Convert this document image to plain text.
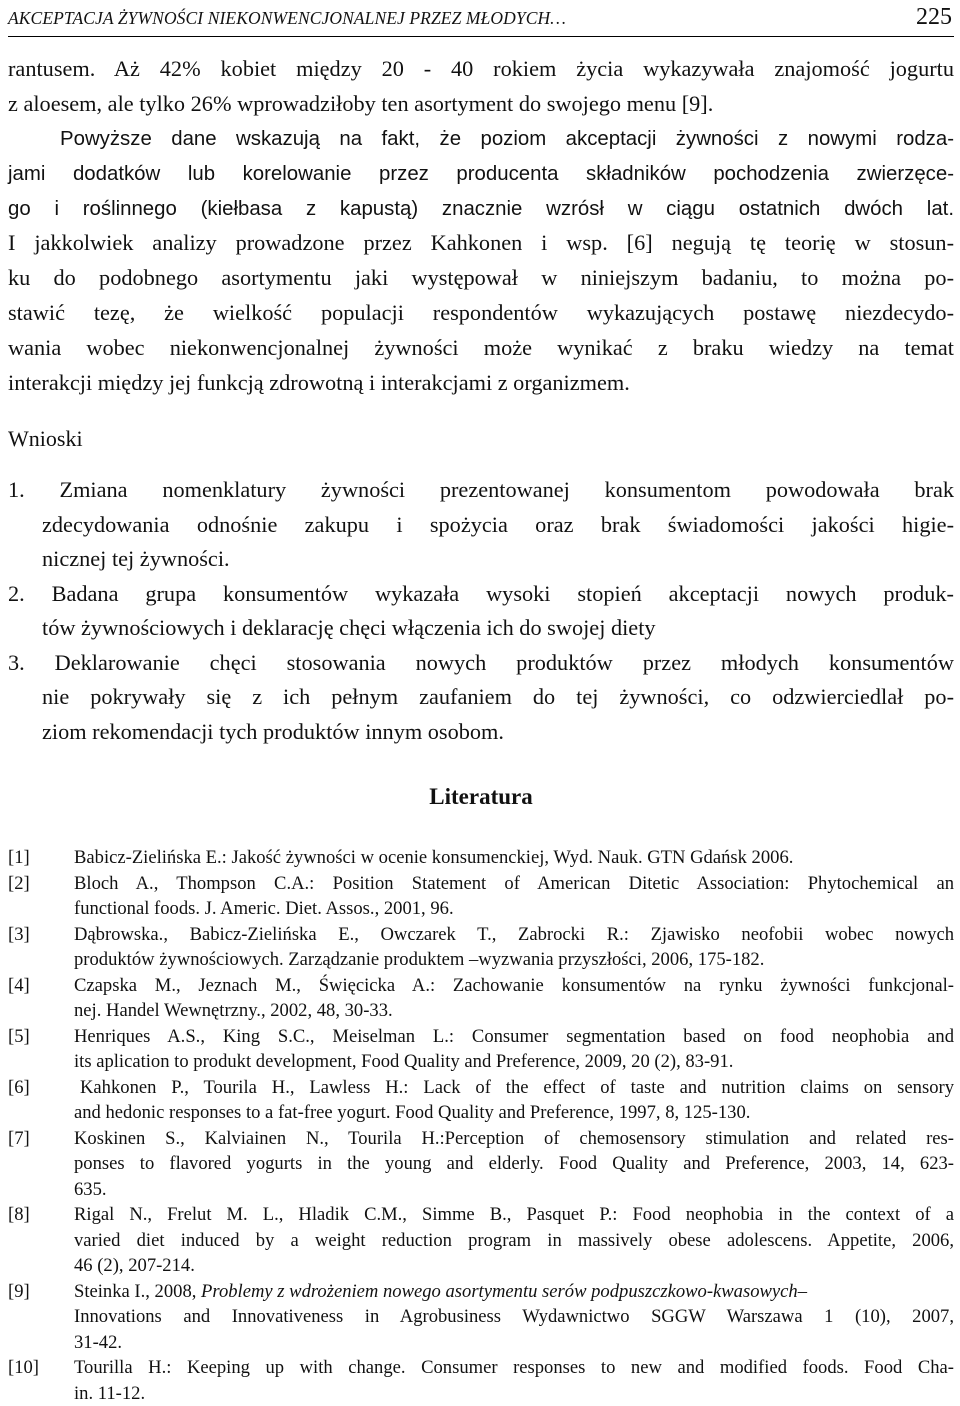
AKCEPTACJA ŻYWNOŚCI NIEKONWENCJONALNEJ PRZEZ MŁODYCH…	225
rantusem. Aż 42% kobiet między 20 - 40 rokiem życia wykazywała znajomość jogurtu
z aloesem, ale tylko 26% wprowadziłoby ten asortyment do swojego menu [9].
Powyższe dane wskazują na fakt, że poziom akceptacji żywności z nowymi rodza-
jami dodatków lub korelowanie przez producenta składników pochodzenia zwierzęce-
go i roślinnego (kiełbasa z kapustą) znacznie wzrósł w ciągu ostatnich dwóch lat.
I jakkolwiek analizy prowadzone przez Kahkonen i wsp. [6] negują tę teorię w stosun-
ku do podobnego asortymentu jaki występował w niniejszym badaniu, to można po-
stawić tezę, że wielkość populacji respondentów wykazujących postawę niezdecydo-
wania wobec niekonwencjonalnej żywności może wynikać z braku wiedzy na temat
interakcji między jej funkcją zdrowotną i interakcjami z organizmem.
Wnioski
1. Zmiana nomenklatury żywności prezentowanej konsumentom powodowała brak
zdecydowania odnośnie zakupu i spożycia oraz brak świadomości jakości higie-
nicznej tej żywności.
2. Badana grupa konsumentów wykazała wysoki stopień akceptacji nowych produk-
tów żywnościowych i deklarację chęci włączenia ich do swojej diety
3. Deklarowanie chęci stosowania nowych produktów przez młodych konsumentów
nie pokrywały się z ich pełnym zaufaniem do tej żywności, co odzwierciedlał po-
ziom rekomendacji tych produktów innym osobom.
Literatura
[1] Babicz-Zielińska E.: Jakość żywności w ocenie konsumenckiej, Wyd. Nauk. GTN Gdańsk 2006.
[2] Bloch A., Thompson C.A.: Position Statement of American Ditetic Association: Phytochemical an
functional foods. J. Americ. Diet. Assos., 2001, 96.
[3] Dąbrowska., Babicz-Zielińska E., Owczarek T., Zabrocki R.: Zjawisko neofobii wobec nowych
produktów żywnościowych. Zarządzanie produktem –wyzwania przyszłości, 2006, 175-182.
[4] Czapska M., Jeznach M., Święcicka A.: Zachowanie konsumentów na rynku żywności funkcjonal-
nej. Handel Wewnętrzny., 2002, 48, 30-33.
[5] Henriques A.S., King S.C., Meiselman L.: Consumer segmentation based on food neophobia and
its aplication to produkt development, Food Quality and Preference, 2009, 20 (2), 83-91.
[6]	Kahkonen P., Tourila H., Lawless H.: Lack of the effect of taste and nutrition claims on sensory
and hedonic responses to a fat-free yogurt. Food Quality and Preference, 1997, 8, 125-130.
[7] Koskinen S., Kalviainen N., Tourila H.:Perception of chemosensory stimulation and related res-
ponses to flavored yogurts in the young and elderly. Food Quality and Preference, 2003, 14, 623-
635.
[8] Rigal N., Frelut M. L., Hladik C.M., Simme B., Pasquet P.: Food neophobia in the context of a
varied diet induced by a weight reduction program in massively obese adolescens. Appetite, 2006,
46 (2), 207-214.
[9] Steinka I., 2008, Problemy z wdrożeniem nowego asortymentu serów podpuszczkowo-kwasowych–
Innovations and Innovativeness in Agrobusiness Wydawnictwo SGGW Warszawa 1 (10), 2007,
31-42.
[10] Tourilla H.: Keeping up with change. Consumer responses to new and modified foods. Food Cha-
in. 11-12.
